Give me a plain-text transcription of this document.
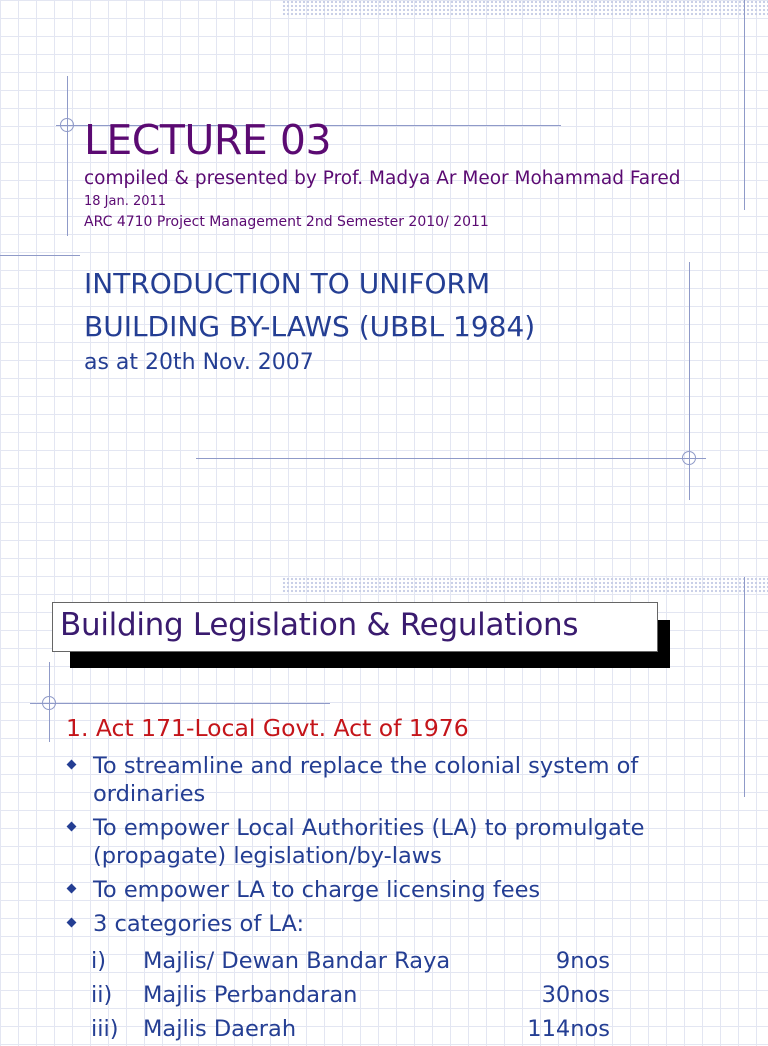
LECTURE 03
compiled & presented by Prof. Madya Ar Meor Mohammad Fared
18 Jan. 2011
ARC 4710 Project Management 2nd Semester 2010/ 2011
INTRODUCTION TO UNIFORM
BUILDING BY-LAWS (UBBL 1984)
as at 20th Nov. 2007
Building Legislation & Regulations
1. Act 171-Local Govt. Act of 1976
To streamline and replace the colonial system of ordinaries
To empower Local Authorities (LA) to promulgate (propagate) legislation/by-laws
To empower LA to charge licensing fees
3 categories of LA:
i) Majlis/ Dewan Bandar Raya	9nos
ii) Majlis Perbandaran	30nos
iii) Majlis Daerah	114nos
